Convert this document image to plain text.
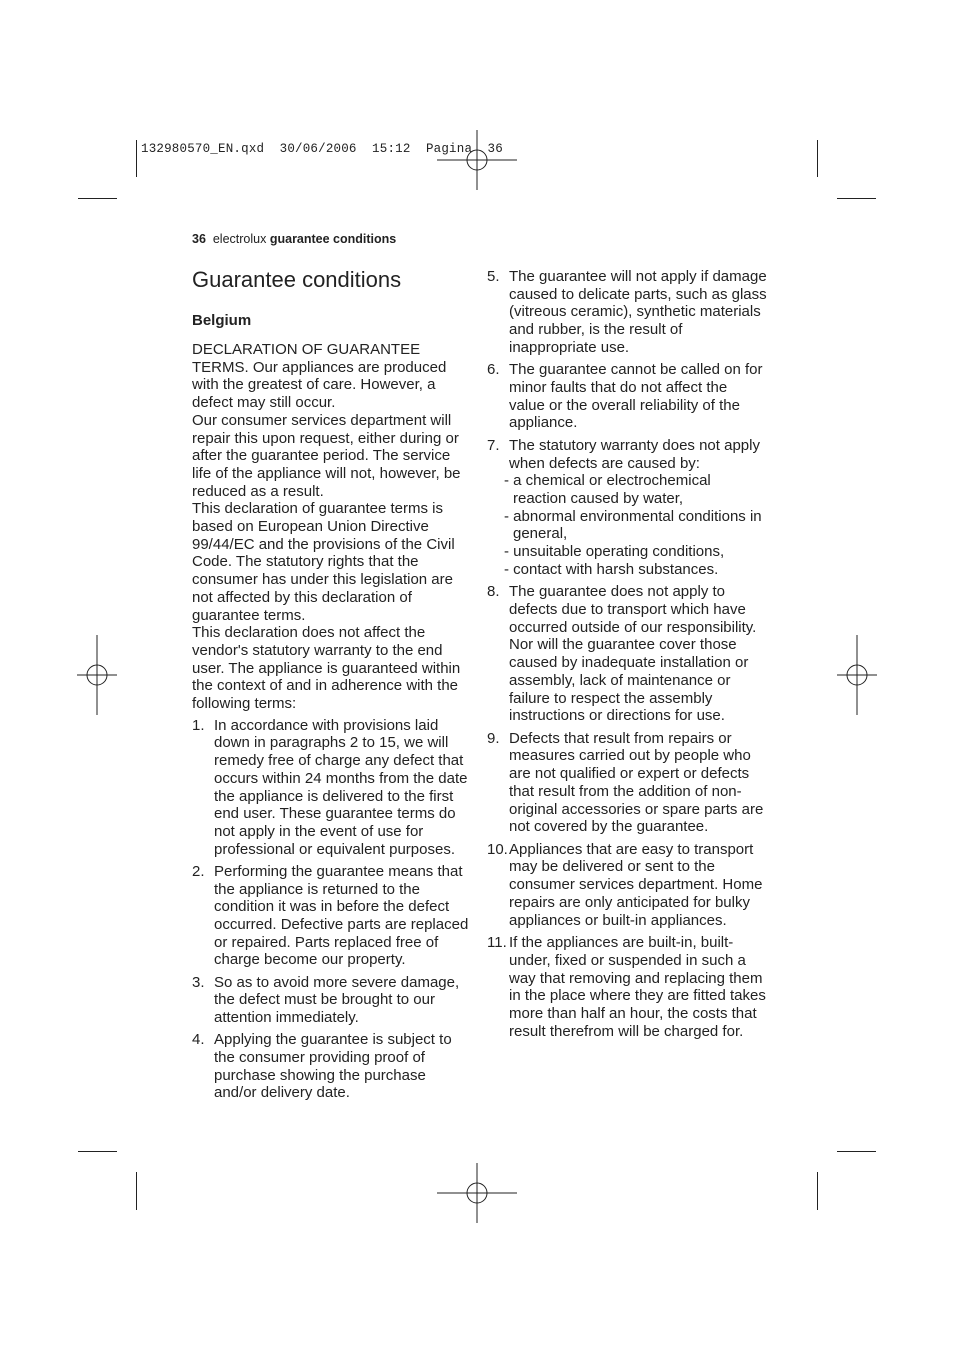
132980570_EN.qxd  30/06/2006  15:12  Pagina  36
36 electrolux guarantee conditions
Guarantee conditions
Belgium

DECLARATION OF GUARANTEE TERMS. Our appliances are produced with the greatest of care. However, a defect may still occur.

Our consumer services department will repair this upon request, either during or after the guarantee period. The service life of the appliance will not, however, be reduced as a result.

This declaration of guarantee terms is based on European Union Directive 99/44/EC and the provisions of the Civil Code. The statutory rights that the consumer has under this legislation are not affected by this declaration of guarantee terms.

This declaration does not affect the vendor's statutory warranty to the end user. The appliance is guaranteed within the context of and in adherence with the following terms:

1. In accordance with provisions laid down in paragraphs 2 to 15, we will remedy free of charge any defect that occurs within 24 months from the date the appliance is delivered to the first end user. These guarantee terms do not apply in the event of use for professional or equivalent purposes.
2. Performing the guarantee means that the appliance is returned to the condition it was in before the defect occurred. Defective parts are replaced or repaired. Parts replaced free of charge become our property.
3. So as to avoid more severe damage, the defect must be brought to our attention immediately.
4. Applying the guarantee is subject to the consumer providing proof of purchase showing the purchase and/or delivery date.
5. The guarantee will not apply if damage caused to delicate parts, such as glass (vitreous ceramic), synthetic materials and rubber, is the result of inappropriate use.
6. The guarantee cannot be called on for minor faults that do not affect the value or the overall reliability of the appliance.
7. The statutory warranty does not apply when defects are caused by:
- a chemical or electrochemical reaction caused by water,
- abnormal environmental conditions in general,
- unsuitable operating conditions,
- contact with harsh substances.
8. The guarantee does not apply to defects due to transport which have occurred outside of our responsibility. Nor will the guarantee cover those caused by inadequate installation or assembly, lack of maintenance or failure to respect the assembly instructions or directions for use.
9. Defects that result from repairs or measures carried out by people who are not qualified or expert or defects that result from the addition of non-original accessories or spare parts are not covered by the guarantee.
10. Appliances that are easy to transport may be delivered or sent to the consumer services department. Home repairs are only anticipated for bulky appliances or built-in appliances.
11. If the appliances are built-in, built-under, fixed or suspended in such a way that removing and replacing them in the place where they are fitted takes more than half an hour, the costs that result therefrom will be charged for.
